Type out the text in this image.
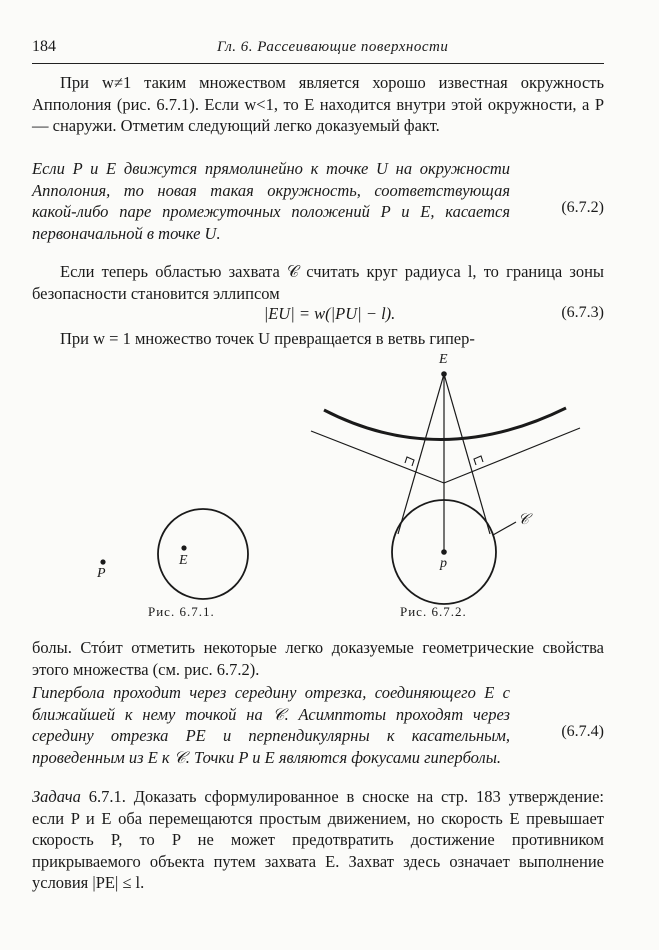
184	Гл. 6. Рассеивающие поверхности

При w≠1 таким множеством является хорошо известная окружность Апполония (рис. 6.7.1). Если w<1, то E находится внутри этой окружности, а P — снаружи. Отметим следующий легко доказуемый факт.

Если P и E движутся прямолинейно к точке U на окружности Апполония, то новая такая окружность, соответствующая какой-либо паре промежуточных положений P и E, касается первоначальной в точке U.

(6.7.2)

Если теперь областью захвата 𝒞 считать круг радиуса l, то граница зоны безопасности становится эллипсом

|EU| = w(|PU| − l).	(6.7.3)

При w = 1 множество точек U превращается в ветвь гипер-

E
P
Рис. 6.7.1.
E
p
𝒞
Рис. 6.7.2.

болы. Стóит отметить некоторые легко доказуемые геометрические свойства этого множества (см. рис. 6.7.2).

Гипербола проходит через середину отрезка, соединяющего E с ближайшей к нему точкой на 𝒞. Асимптоты проходят через середину отрезка PE и перпендикулярны к касательным, проведенным из E к 𝒞. Точки P и E являются фокусами гиперболы.

(6.7.4)

Задача 6.7.1. Доказать сформулированное в сноске на стр. 183 утверждение: если P и E оба перемещаются простым движением, но скорость E превышает скорость P, то P не может предотвратить достижение противником прикрываемого объекта путем захвата E. Захват здесь означает выполнение условия |PE| ≤ l.
